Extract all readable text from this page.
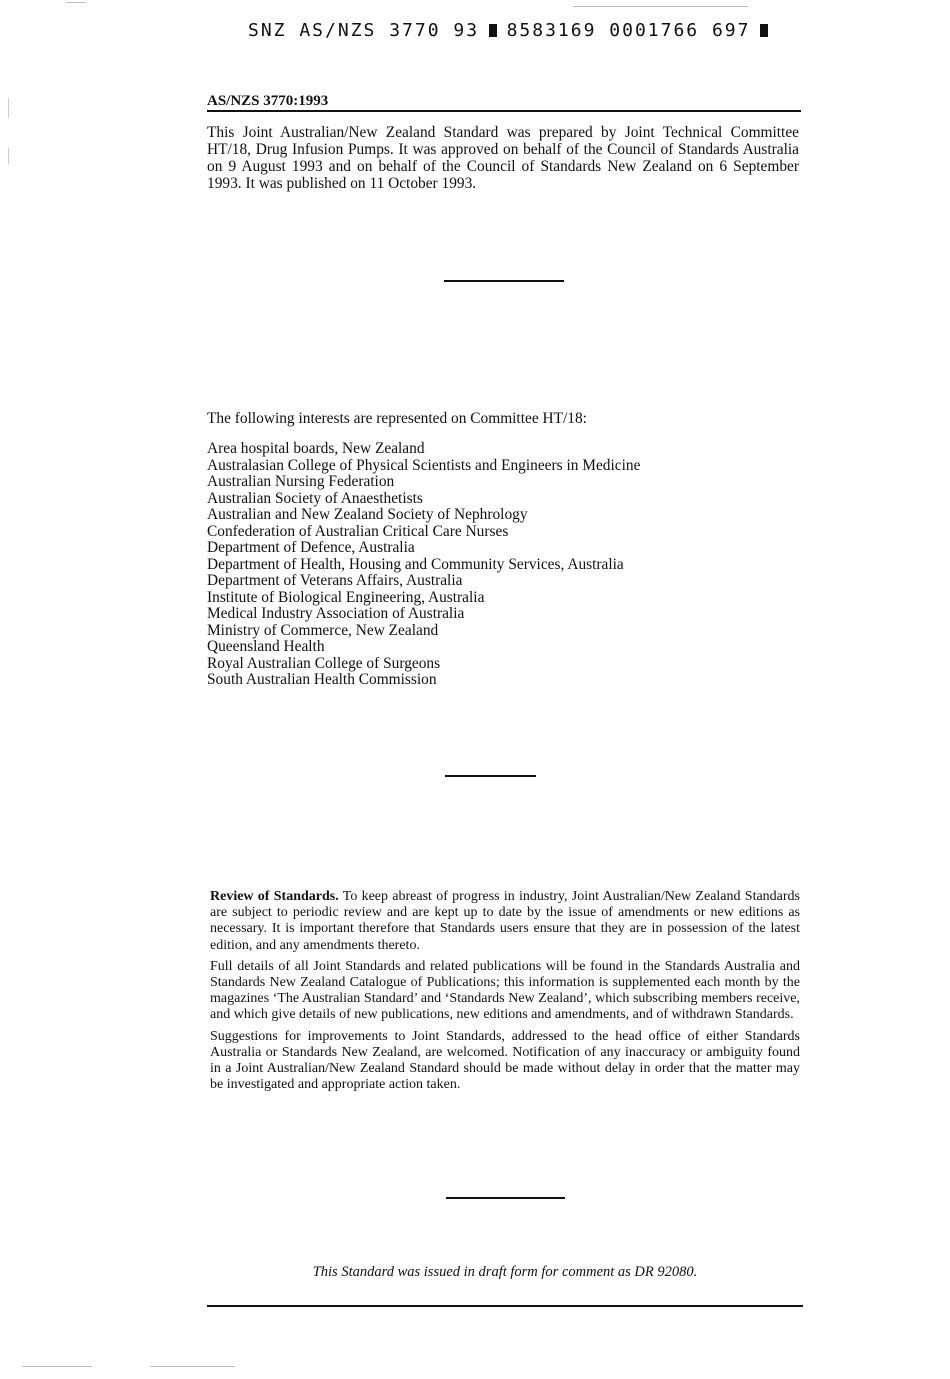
SNZ AS/NZS 3770 93 8583169 0001766 697
AS/NZS 3770:1993
This Joint Australian/New Zealand Standard was prepared by Joint Technical Committee HT/18, Drug Infusion Pumps. It was approved on behalf of the Council of Standards Australia on 9 August 1993 and on behalf of the Council of Standards New Zealand on 6 September 1993. It was published on 11 October 1993.
The following interests are represented on Committee HT/18:
Area hospital boards, New Zealand
Australasian College of Physical Scientists and Engineers in Medicine
Australian Nursing Federation
Australian Society of Anaesthetists
Australian and New Zealand Society of Nephrology
Confederation of Australian Critical Care Nurses
Department of Defence, Australia
Department of Health, Housing and Community Services, Australia
Department of Veterans Affairs, Australia
Institute of Biological Engineering, Australia
Medical Industry Association of Australia
Ministry of Commerce, New Zealand
Queensland Health
Royal Australian College of Surgeons
South Australian Health Commission

Review of Standards. To keep abreast of progress in industry, Joint Australian/New Zealand Standards are subject to periodic review and are kept up to date by the issue of amendments or new editions as necessary. It is important therefore that Standards users ensure that they are in possession of the latest edition, and any amendments thereto.

Full details of all Joint Standards and related publications will be found in the Standards Australia and Standards New Zealand Catalogue of Publications; this information is supplemented each month by the magazines ‘The Australian Standard’ and ‘Standards New Zealand’, which subscribing members receive, and which give details of new publications, new editions and amendments, and of withdrawn Standards.

Suggestions for improvements to Joint Standards, addressed to the head office of either Standards Australia or Standards New Zealand, are welcomed. Notification of any inaccuracy or ambiguity found in a Joint Australian/New Zealand Standard should be made without delay in order that the matter may be investigated and appropriate action taken.

This Standard was issued in draft form for comment as DR 92080.
